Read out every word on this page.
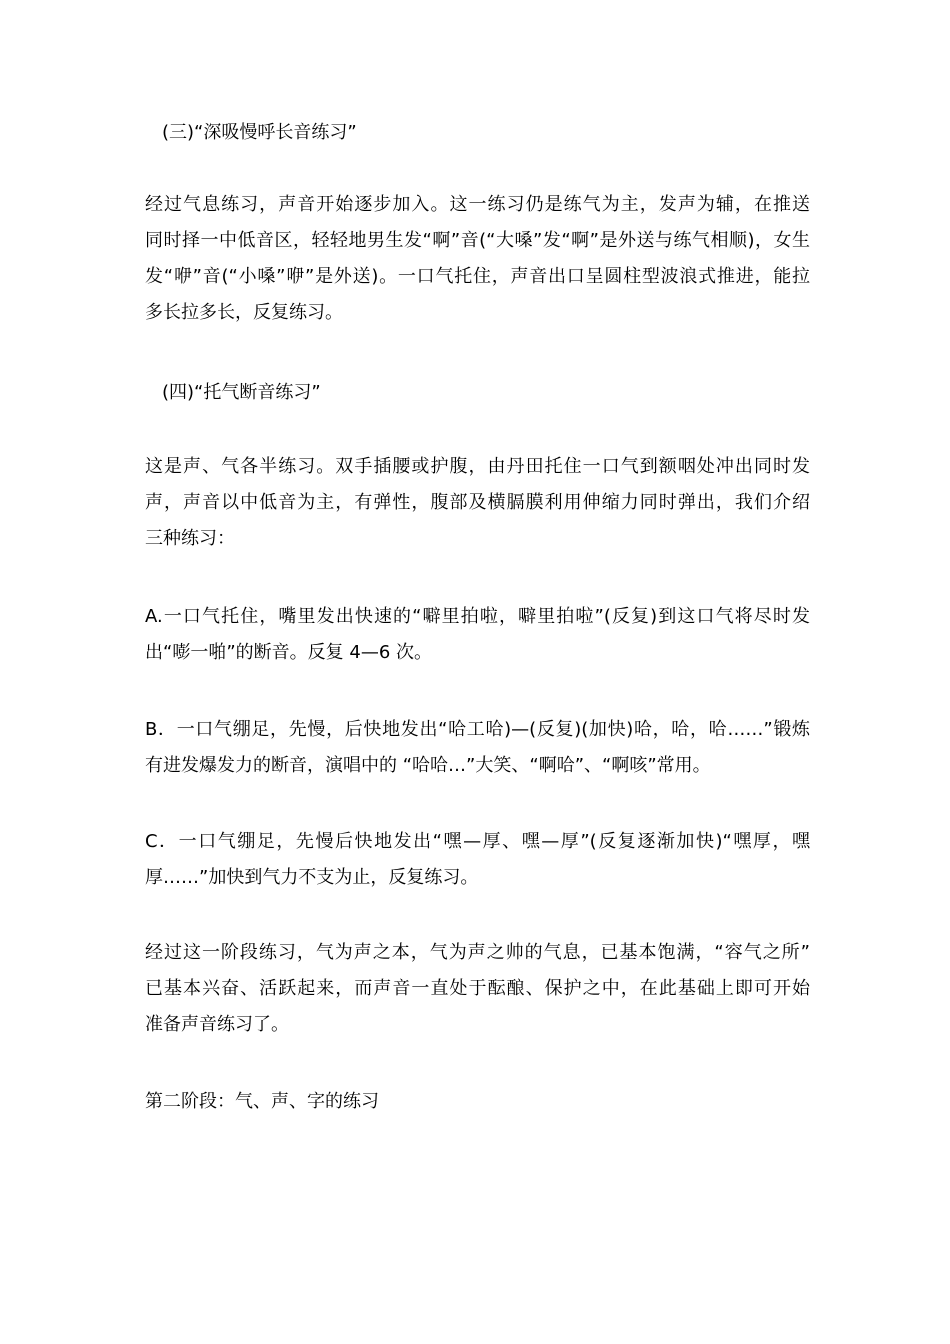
(三)“深吸慢呼长音练习”

经过气息练习，声音开始逐步加入。这一练习仍是练气为主，发声为辅，在推送
同时择一中低音区，轻轻地男生发“啊”音(“大嗓”发“啊”是外送与练气相顺)，女生
发“咿”音(“小嗓”咿”是外送)。一口气托住，声音出口呈圆柱型波浪式推进，能拉
多长拉多长，反复练习。

(四)“托气断音练习”

这是声、气各半练习。双手插腰或护腹，由丹田托住一口气到额咽处冲出同时发
声，声音以中低音为主，有弹性，腹部及横膈膜利用伸缩力同时弹出，我们介绍
三种练习：

A.一口气托住，嘴里发出快速的“噼里拍啦，噼里拍啦”(反复)到这口气将尽时发
出“嘭一啪”的断音。反复 4—6 次。

B．一口气绷足，先慢，后快地发出“哈工哈)—(反复)(加快)哈，哈，哈……”锻炼
有进发爆发力的断音，演唱中的 “哈哈…”大笑、“啊哈”、“啊咳”常用。

C．一口气绷足，先慢后快地发出“嘿—厚、嘿—厚”(反复逐渐加快)“嘿厚，嘿
厚……”加快到气力不支为止，反复练习。

经过这一阶段练习，气为声之本，气为声之帅的气息，已基本饱满，“容气之所”
已基本兴奋、活跃起来，而声音一直处于酝酿、保护之中，在此基础上即可开始
准备声音练习了。

第二阶段：气、声、字的练习
